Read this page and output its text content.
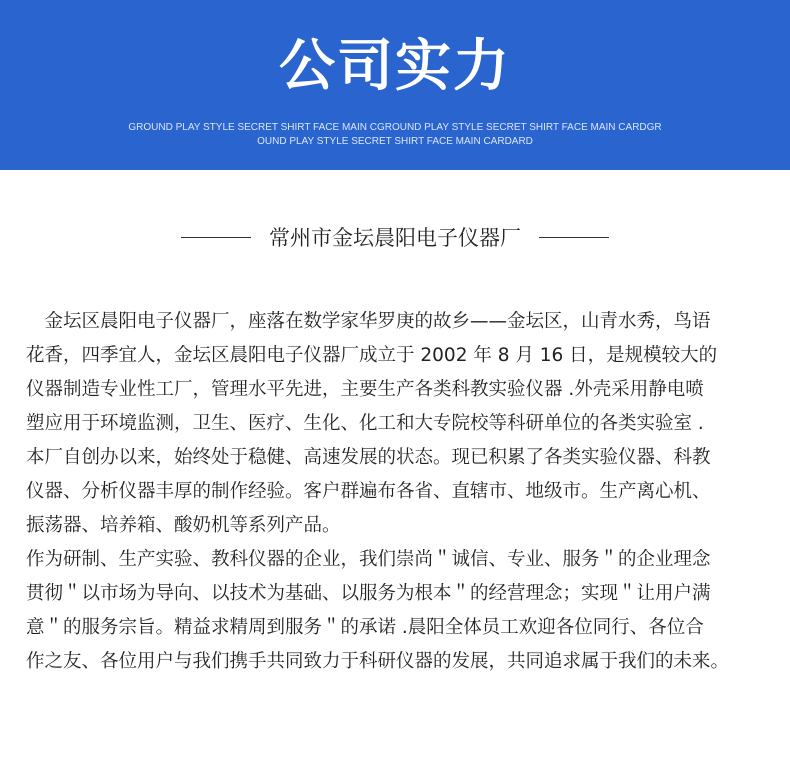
公司实力
GROUND PLAY STYLE SECRET SHIRT FACE MAIN CGROUND PLAY STYLE SECRET SHIRT FACE MAIN CARDGR
OUND PLAY STYLE SECRET SHIRT FACE MAIN CARDARD
常州市金坛晨阳电子仪器厂
　金坛区晨阳电子仪器厂，座落在数学家华罗庚的故乡——金坛区，山青水秀，鸟语
花香，四季宜人，金坛区晨阳电子仪器厂成立于 2002 年 8 月 16 日，是规模较大的
仪器制造专业性工厂，管理水平先进，主要生产各类科教实验仪器 .外壳采用静电喷
塑应用于环境监测，卫生、医疗、生化、化工和大专院校等科研单位的各类实验室 .
本厂自创办以来，始终处于稳健、高速发展的状态。现已积累了各类实验仪器、科教
仪器、分析仪器丰厚的制作经验。客户群遍布各省、直辖市、地级市。生产离心机、
振荡器、培养箱、酸奶机等系列产品。
作为研制、生产实验、教科仪器的企业，我们崇尚＂诚信、专业、服务＂的企业理念
贯彻＂以市场为导向、以技术为基础、以服务为根本＂的经营理念；实现＂让用户满
意＂的服务宗旨。精益求精周到服务＂的承诺 .晨阳全体员工欢迎各位同行、各位合
作之友、各位用户与我们携手共同致力于科研仪器的发展，共同追求属于我们的未来。
